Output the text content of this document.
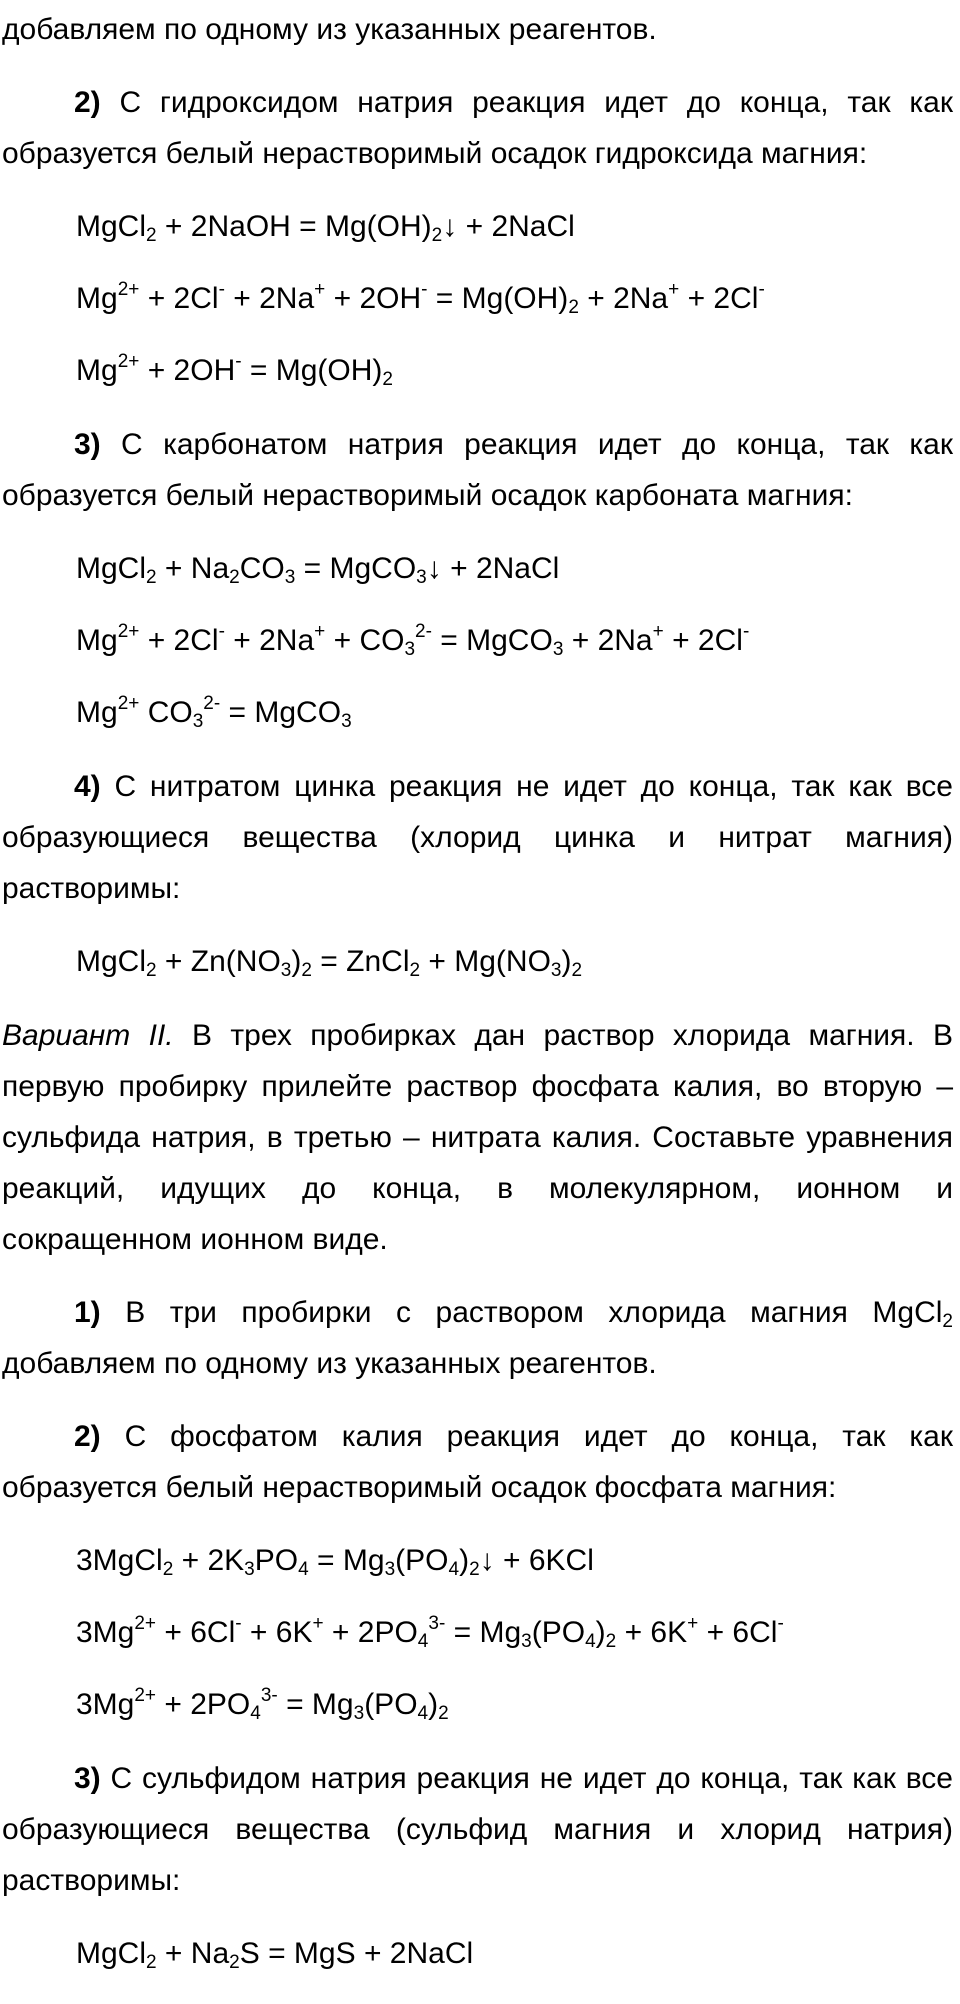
добавляем по одному из указанных реагентов.

2) С гидроксидом натрия реакция идет до конца, так как образуется белый нерастворимый осадок гидроксида магния:

MgCl$_2$ + 2NaOH = $Mg(OH)_2↓$ + 2NaCl
$Mg^{2+} + 2Cl^- + 2Na^+ + 2OH^- = Mg(OH)_2 + 2Na^+ + 2Cl^-$
$Mg^{2+} + 2OH^- = Mg(OH)_2$

3) С карбонатом натрия реакция идет до конца, так как образуется белый нерастворимый осадок карбоната магния:

MgCl$_2$ + $Na_2CO_3$ = MgCO$_3$↓ + 2NaCl
$Mg^{2+} + 2Cl^- + 2Na^+ + CO_3^{2-}$ = MgCO$_3$ + 2Na+ + 2Cl-
$Mg^{2+}$ $CO_3^{2-}$ = MgCO$_3$

4) С нитратом цинка реакция не идет до конца, так как все образующиеся вещества (хлорид цинка и нитрат магния) растворимы:

MgCl$_2$ + $Zn(NO_3)_2$ = ZnCl$_2$ + $Mg(NO_3)_2$

Вариант II. В трех пробирках дан раствор хлорида магния. В первую пробирку прилейте раствор фосфата калия, во вторую – сульфида натрия, в третью – нитрата калия. Составьте уравнения реакций, идущих до конца, в молекулярном, ионном и сокращенном ионном виде.

1) В три пробирки с раствором хлорида магния MgCl$_2$ добавляем по одному из указанных реагентов.

2) С фосфатом калия реакция идет до конца, так как образуется белый нерастворимый осадок фосфата магния:

3MgCl$_2$ + $2K_3PO_4$ = $Mg_3(PO_4)_2↓ + 6KCl$
$3Mg^{2+} + 6Cl^- + 6K^+ + 2PO_4^{3-} = Mg_3(PO_4)_2 + 6K^+ + 6Cl^-$
$3Mg^{2+} + 2PO_4^{3-} = Mg_3(PO_4)_2$

3) С сульфидом натрия реакция не идет до конца, так как все образующиеся вещества (сульфид магния и хлорид натрия) растворимы:

MgCl$_2$ + $Na_2S$ = MgS + 2NaCl
